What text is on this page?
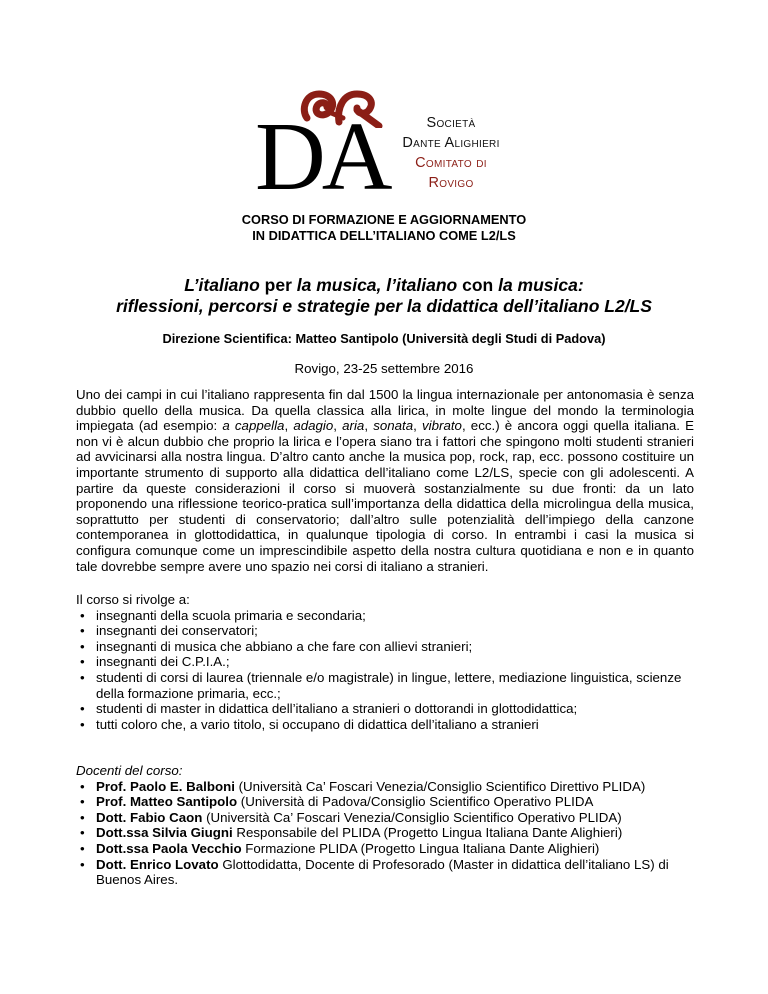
DA	Società
Dante Alighieri
Comitato di
Rovigo
CORSO DI FORMAZIONE E AGGIORNAMENTO
IN DIDATTICA DELL’ITALIANO COME L2/LS
L’italiano per la musica, l’italiano con la musica:
riflessioni, percorsi e strategie per la didattica dell’italiano L2/LS
Direzione Scientifica: Matteo Santipolo (Università degli Studi di Padova)
Rovigo, 23-25 settembre 2016
Uno dei campi in cui l’italiano rappresenta fin dal 1500 la lingua internazionale per antonomasia è senza dubbio quello della musica. Da quella classica alla lirica, in molte lingue del mondo la terminologia impiegata (ad esempio: a cappella, adagio, aria, sonata, vibrato, ecc.) è ancora oggi quella italiana. E non vi è alcun dubbio che proprio la lirica e l’opera siano tra i fattori che spingono molti studenti stranieri ad avvicinarsi alla nostra lingua. D’altro canto anche la musica pop, rock, rap, ecc. possono costituire un importante strumento di supporto alla didattica dell’italiano come L2/LS, specie con gli adolescenti. A partire da queste considerazioni il corso si muoverà sostanzialmente su due fronti: da un lato proponendo una riflessione teorico-pratica sull’importanza della didattica della microlingua della musica, soprattutto per studenti di conservatorio; dall’altro sulle potenzialità dell’impiego della canzone contemporanea in glottodidattica, in qualunque tipologia di corso. In entrambi i casi la musica si configura comunque come un imprescindibile aspetto della nostra cultura quotidiana e non e in quanto tale dovrebbe sempre avere uno spazio nei corsi di italiano a stranieri.
Il corso si rivolge a:
• insegnanti della scuola primaria e secondaria;
• insegnanti dei conservatori;
• insegnanti di musica che abbiano a che fare con allievi stranieri;
• insegnanti dei C.P.I.A.;
• studenti di corsi di laurea (triennale e/o magistrale) in lingue, lettere, mediazione linguistica, scienze della formazione primaria, ecc.;
• studenti di master in didattica dell’italiano a stranieri o dottorandi in glottodidattica;
• tutti coloro che, a vario titolo, si occupano di didattica dell’italiano a stranieri
Docenti del corso:
• Prof. Paolo E. Balboni (Università Ca’ Foscari Venezia/Consiglio Scientifico Direttivo PLIDA)
• Prof. Matteo Santipolo (Università di Padova/Consiglio Scientifico Operativo PLIDA
• Dott. Fabio Caon (Università Ca’ Foscari Venezia/Consiglio Scientifico Operativo PLIDA)
• Dott.ssa Silvia Giugni Responsabile del PLIDA (Progetto Lingua Italiana Dante Alighieri)
• Dott.ssa Paola Vecchio Formazione PLIDA (Progetto Lingua Italiana Dante Alighieri)
• Dott. Enrico Lovato Glottodidatta, Docente di Profesorado (Master in didattica dell’italiano LS) di Buenos Aires.
